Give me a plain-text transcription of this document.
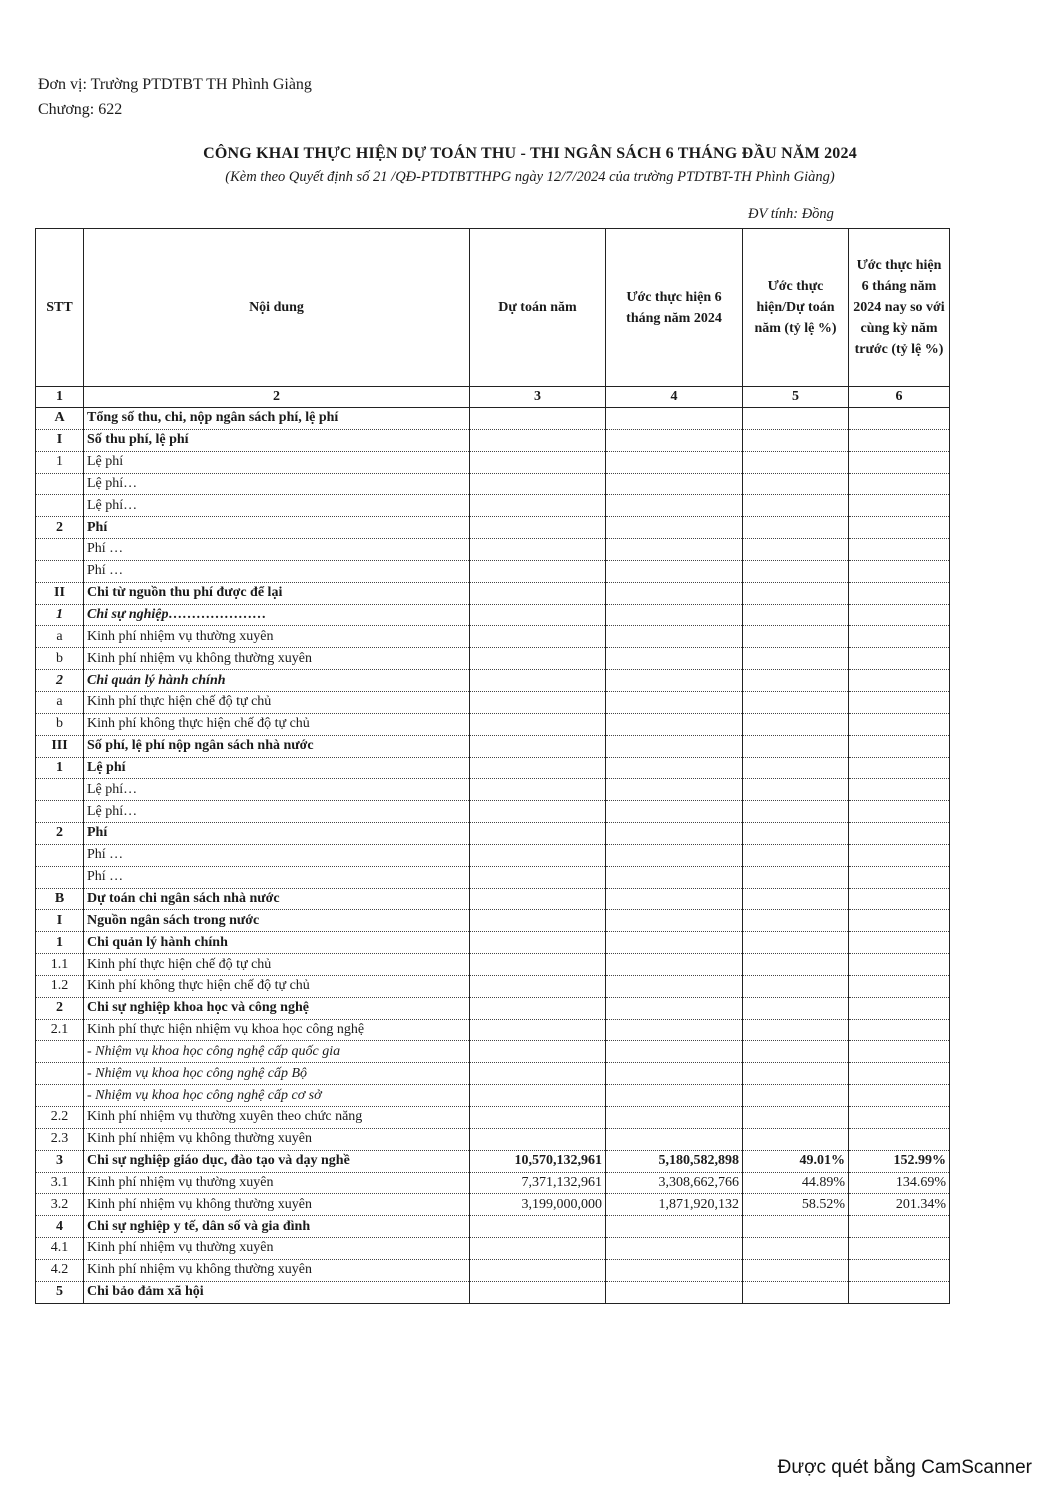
Đơn vị: Trường PTDTBT TH Phình Giàng
Chương: 622
CÔNG KHAI THỰC HIỆN DỰ TOÁN THU - THI NGÂN SÁCH 6 THÁNG ĐẦU NĂM 2024
(Kèm theo Quyết định số 21 /QĐ-PTDTBTTHPG ngày 12/7/2024 của trường PTDTBT-TH Phình Giàng)
ĐV tính: Đồng
STT	Nội dung	Dự toán năm	Ước thực hiện 6 tháng năm 2024	Ước thực hiện/Dự toán năm (tỷ lệ %)	Ước thực hiện 6 tháng năm 2024 nay so với cùng kỳ năm trước (tỷ lệ %)
1	2	3	4	5	6
A	Tổng số thu, chi, nộp ngân sách phí, lệ phí				
I	Số thu phí, lệ phí				
1	Lệ phí				
	Lệ phí…				
	Lệ phí…				
2	Phí				
	Phí …				
	Phí …				
II	Chi từ nguồn thu phí được để lại				
1	Chi sự nghiệp…………………				
a	Kinh phí nhiệm vụ thường xuyên				
b	Kinh phí nhiệm vụ không thường xuyên				
2	Chi quản lý hành chính				
a	Kinh phí thực hiện chế độ tự chủ				
b	Kinh phí không thực hiện chế độ tự chủ				
III	Số phí, lệ phí nộp ngân sách nhà nước				
1	Lệ phí				
	Lệ phí…				
	Lệ phí…				
2	Phí				
	Phí …				
	Phí …				
B	Dự toán chi ngân sách nhà nước				
I	Nguồn ngân sách trong nước				
1	Chi quản lý hành chính				
1.1	Kinh phí thực hiện chế độ tự chủ				
1.2	Kinh phí không thực hiện chế độ tự chủ				
2	Chi sự nghiệp khoa học và công nghệ				
2.1	Kinh phí thực hiện nhiệm vụ khoa học công nghệ				
	- Nhiệm vụ khoa học công nghệ cấp quốc gia				
	- Nhiệm vụ khoa học công nghệ cấp Bộ				
	- Nhiệm vụ khoa học công nghệ cấp cơ sở				
2.2	Kinh phí nhiệm vụ thường xuyên theo chức năng				
2.3	Kinh phí nhiệm vụ không thường xuyên				
3	Chi sự nghiệp giáo dục, đào tạo và dạy nghề	10,570,132,961	5,180,582,898	49.01%	152.99%
3.1	Kinh phí nhiệm vụ thường xuyên	7,371,132,961	3,308,662,766	44.89%	134.69%
3.2	Kinh phí nhiệm vụ không thường xuyên	3,199,000,000	1,871,920,132	58.52%	201.34%
4	Chi sự nghiệp y tế, dân số và gia đình				
4.1	Kinh phí nhiệm vụ thường xuyên				
4.2	Kinh phí nhiệm vụ không thường xuyên				
5	Chi bảo đảm xã hội				
Được quét bằng CamScanner
